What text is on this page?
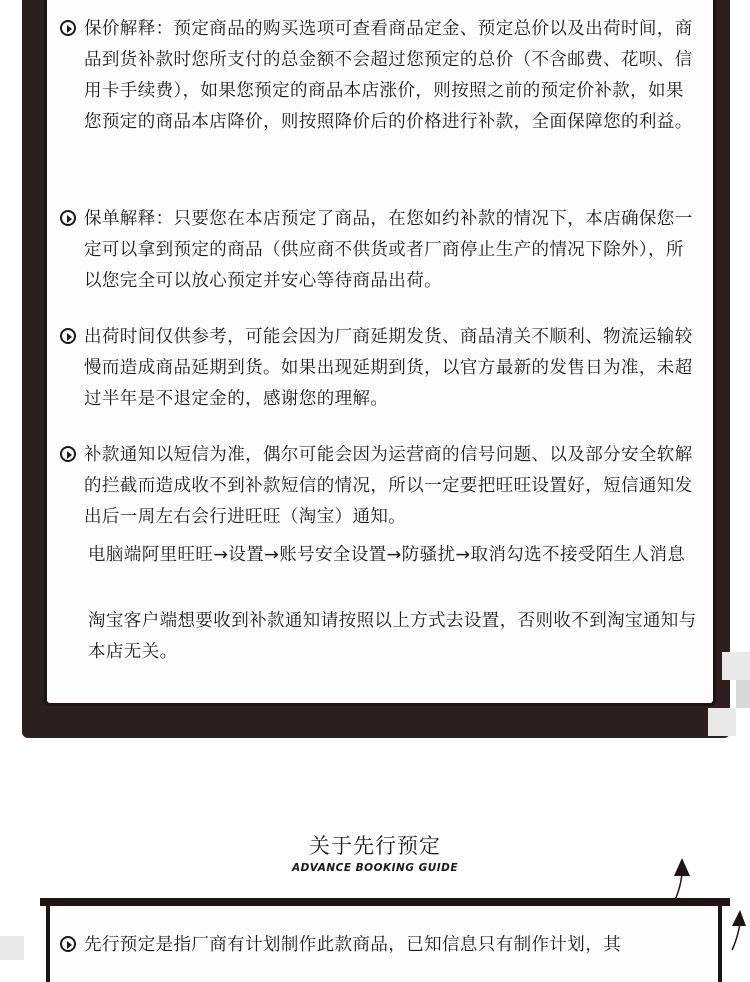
保价解释：预定商品的购买选项可查看商品定金、预定总价以及出荷时间，商品到货补款时您所支付的总金额不会超过您预定的总价（不含邮费、花呗、信用卡手续费），如果您预定的商品本店涨价，则按照之前的预定价补款，如果您预定的商品本店降价，则按照降价后的价格进行补款，全面保障您的利益。
保单解释：只要您在本店预定了商品，在您如约补款的情况下，本店确保您一定可以拿到预定的商品（供应商不供货或者厂商停止生产的情况下除外），所以您完全可以放心预定并安心等待商品出荷。
出荷时间仅供参考，可能会因为厂商延期发货、商品清关不顺利、物流运输较慢而造成商品延期到货。如果出现延期到货，以官方最新的发售日为准，未超过半年是不退定金的，感谢您的理解。
补款通知以短信为准，偶尔可能会因为运营商的信号问题、以及部分安全软解的拦截而造成收不到补款短信的情况，所以一定要把旺旺设置好，短信通知发出后一周左右会行进旺旺（淘宝）通知。
电脑端阿里旺旺→设置→账号安全设置→防骚扰→取消勾选不接受陌生人消息
淘宝客户端想要收到补款通知请按照以上方式去设置，否则收不到淘宝通知与本店无关。
关于先行预定
ADVANCE BOOKING GUIDE
先行预定是指厂商有计划制作此款商品，已知信息只有制作计划，其
